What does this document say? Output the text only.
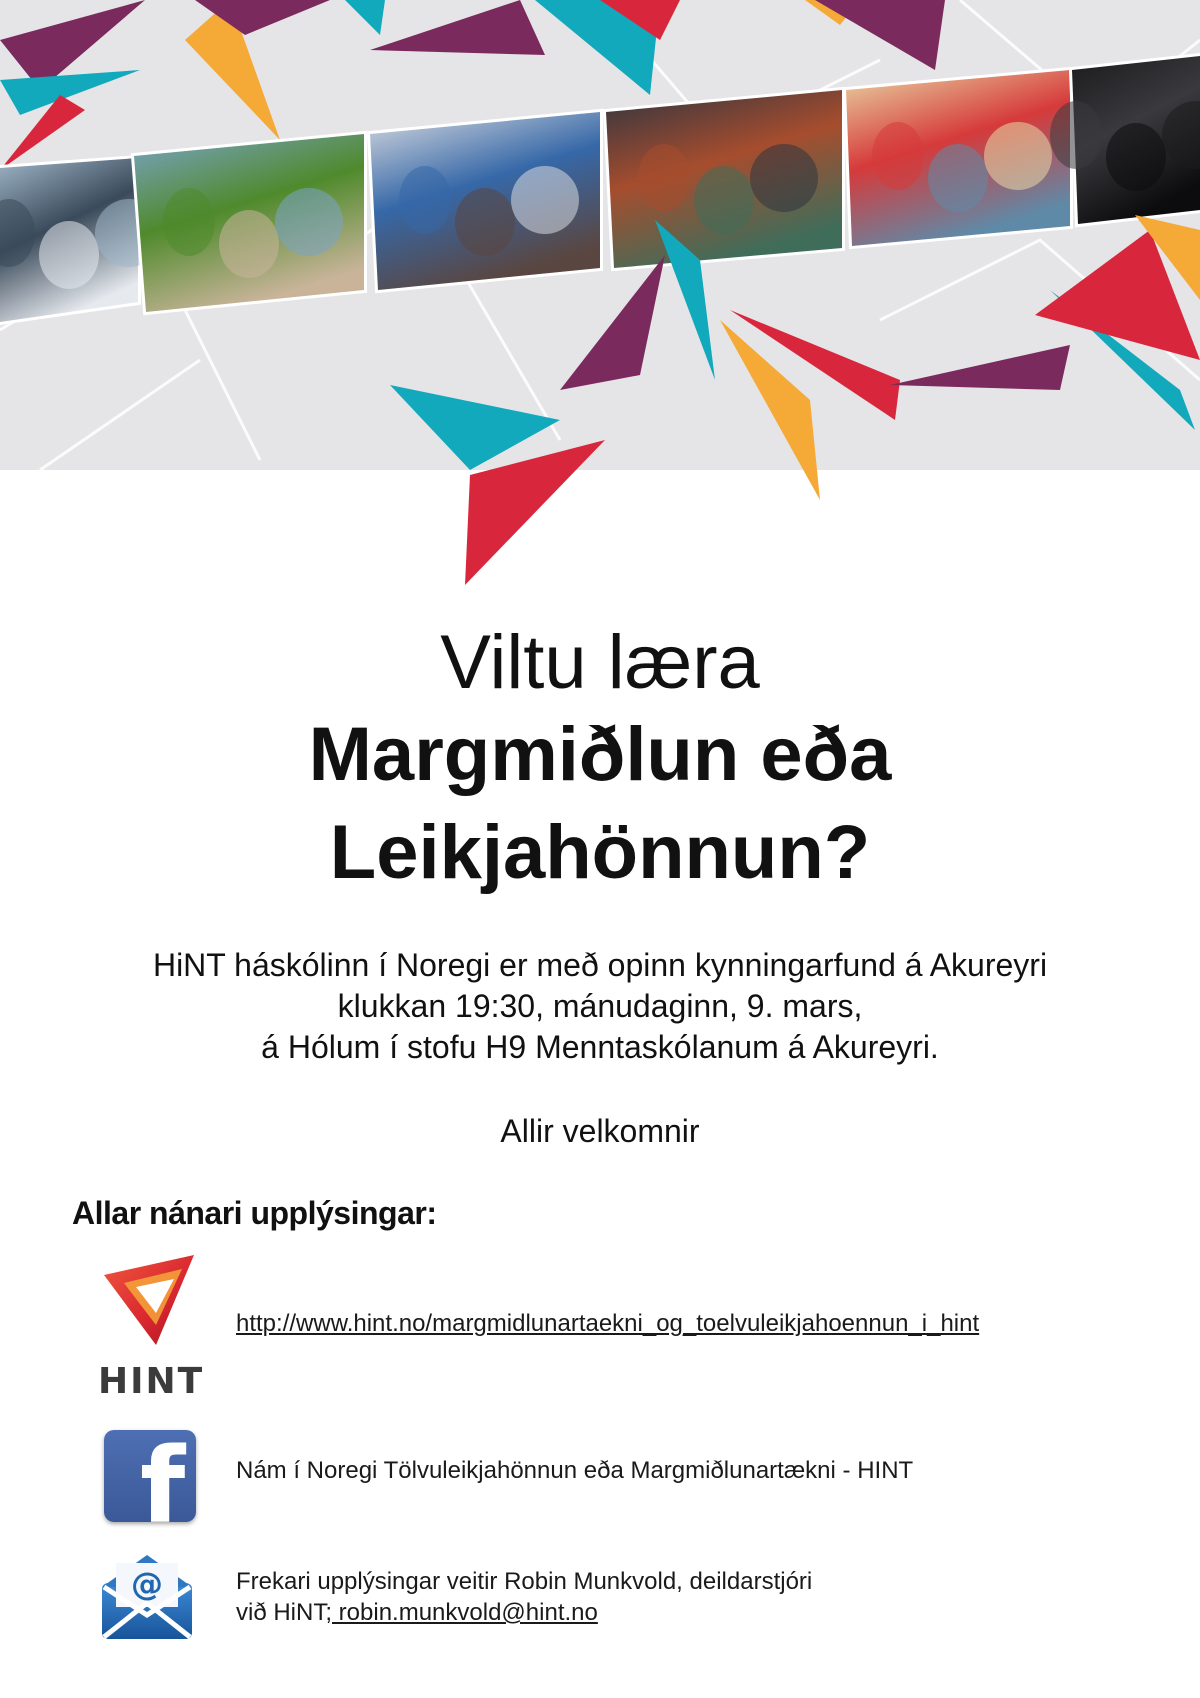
Viltu læra
Margmiðlun eða
Leikjahönnun?
HiNT háskólinn í Noregi er með opinn kynningarfund á Akureyri
klukkan 19:30, mánudaginn, 9. mars,
á Hólum í stofu H9 Menntaskólanum á Akureyri.
Allir velkomnir
Allar nánari upplýsingar:
HINT
http://www.hint.no/margmidlunartaekni_og_toelvuleikjahoennun_i_hint
f Nám í Noregi Tölvuleikjahönnun eða Margmiðlunartækni - HINT
@	Frekari upplýsingar veitir Robin Munkvold, deildarstjóri
við HiNT; robin.munkvold@hint.no
